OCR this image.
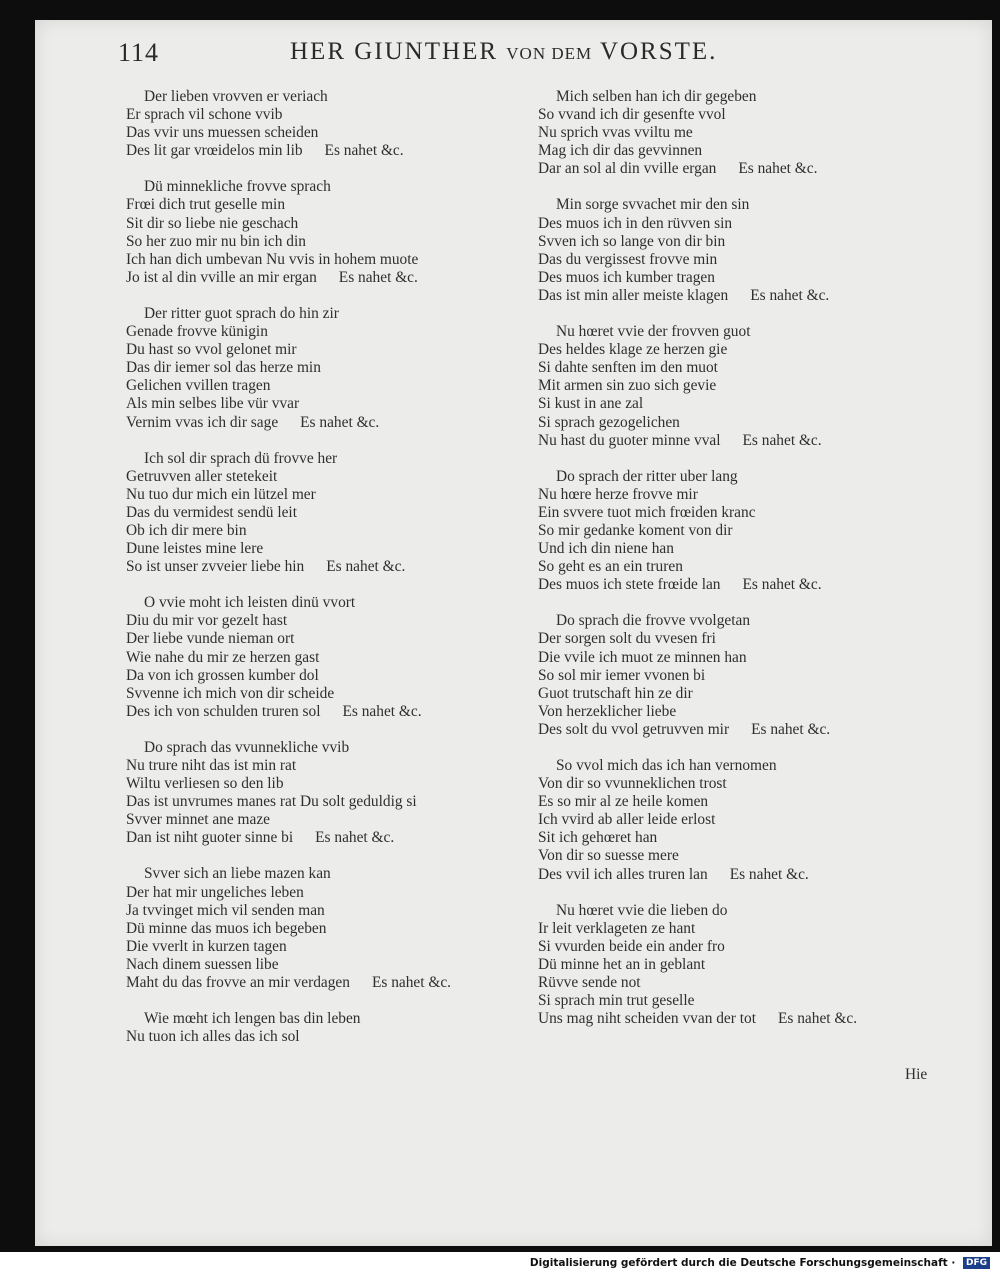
114	HER GIUNTHER VON DEM VORSTE.
Der lieben vrovven er veriach
Er sprach vil schone vvib
Das vvir uns muessen scheiden
Des lit gar vrœidelos min lib Es nahet &c.
Dü minnekliche frovve sprach
Frœi dich trut geselle min
Sit dir so liebe nie geschach
So her zuo mir nu bin ich din
Ich han dich umbevan Nu vvis in hohem muote
Jo ist al din vville an mir ergan Es nahet &c.
Der ritter guot sprach do hin zir
Genade frovve künigin
Du hast so vvol gelonet mir
Das dir iemer sol das herze min
Gelichen vvillen tragen
Als min selbes libe vür vvar
Vernim vvas ich dir sage Es nahet &c.
Ich sol dir sprach dü frovve her
Getruvven aller stetekeit
Nu tuo dur mich ein lützel mer
Das du vermidest sendü leit
Ob ich dir mere bin
Dune leistes mine lere
So ist unser zvveier liebe hin Es nahet &c.
O vvie moht ich leisten dinü vvort
Diu du mir vor gezelt hast
Der liebe vunde nieman ort
Wie nahe du mir ze herzen gast
Da von ich grossen kumber dol
Svvenne ich mich von dir scheide
Des ich von schulden truren sol Es nahet &c.
Do sprach das vvunnekliche vvib
Nu trure niht das ist min rat
Wiltu verliesen so den lib
Das ist unvrumes manes rat Du solt geduldig si
Svver minnet ane maze
Dan ist niht guoter sinne bi Es nahet &c.
Svver sich an liebe mazen kan
Der hat mir ungeliches leben
Ja tvvinget mich vil senden man
Dü minne das muos ich begeben
Die vverlt in kurzen tagen
Nach dinem suessen libe
Maht du das frovve an mir verdagen Es nahet &c.
Wie mœht ich lengen bas din leben
Nu tuon ich alles das ich sol
Mich selben han ich dir gegeben
So vvand ich dir gesenfte vvol
Nu sprich vvas vviltu me
Mag ich dir das gevvinnen
Dar an sol al din vville ergan Es nahet &c.
Min sorge svvachet mir den sin
Des muos ich in den rüvven sin
Svven ich so lange von dir bin
Das du vergissest frovve min
Des muos ich kumber tragen
Das ist min aller meiste klagen Es nahet &c.
Nu hœret vvie der frovven guot
Des heldes klage ze herzen gie
Si dahte senften im den muot
Mit armen sin zuo sich gevie
Si kust in ane zal
Si sprach gezogelichen
Nu hast du guoter minne vval Es nahet &c.
Do sprach der ritter uber lang
Nu hœre herze frovve mir
Ein svvere tuot mich frœiden kranc
So mir gedanke koment von dir
Und ich din niene han
So geht es an ein truren
Des muos ich stete frœide lan Es nahet &c.
Do sprach die frovve vvolgetan
Der sorgen solt du vvesen fri
Die vvile ich muot ze minnen han
So sol mir iemer vvonen bi
Guot trutschaft hin ze dir
Von herzeklicher liebe
Des solt du vvol getruvven mir Es nahet &c.
So vvol mich das ich han vernomen
Von dir so vvunneklichen trost
Es so mir al ze heile komen
Ich vvird ab aller leide erlost
Sit ich gehœret han
Von dir so suesse mere
Des vvil ich alles truren lan Es nahet &c.
Nu hœret vvie die lieben do
Ir leit verklageten ze hant
Si vvurden beide ein ander fro
Dü minne het an in geblant
Rüvve sende not
Si sprach min trut geselle
Uns mag niht scheiden vvan der tot Es nahet &c.
Hie
Digitalisierung gefördert durch die Deutsche Forschungsgemeinschaft · DFG
